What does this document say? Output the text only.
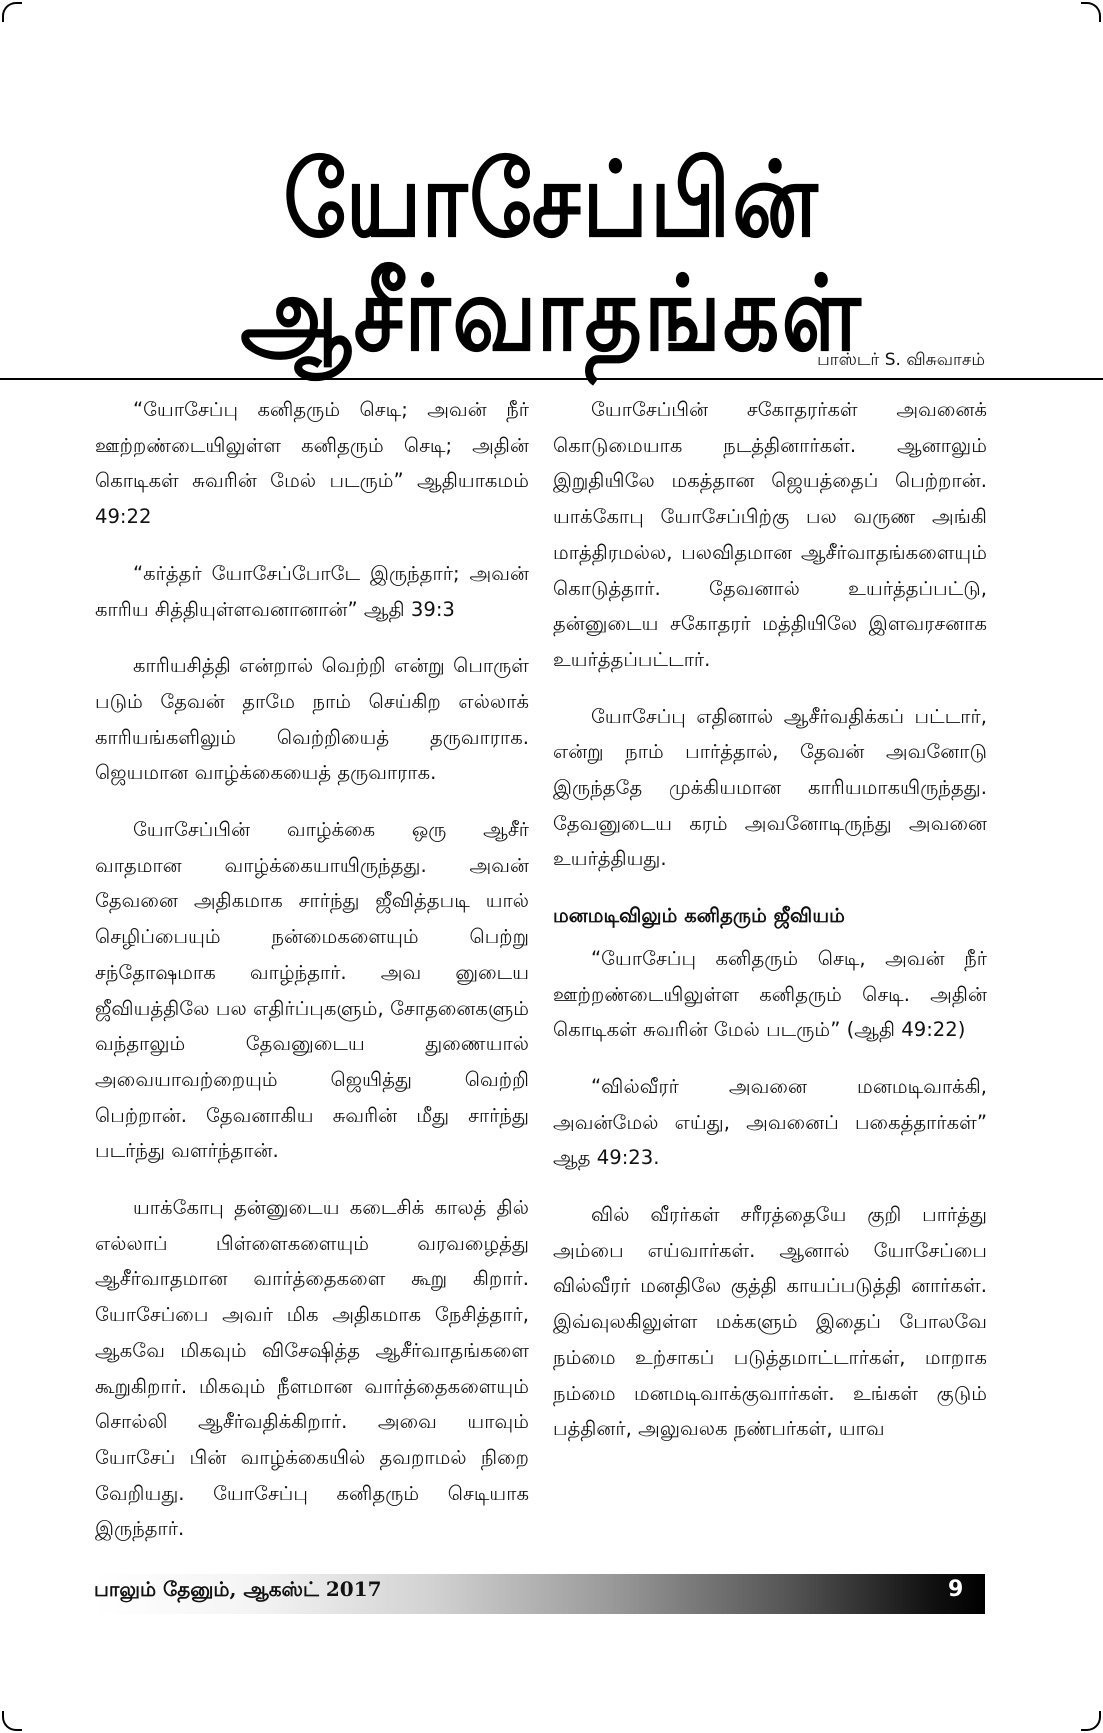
யோசேப்பின்
ஆசீர்வாதங்கள்
பாஸ்டர் S. விசுவாசம்

“யோசேப்பு கனிதரும் செடி; அவன் நீர் ஊற்றண்டையிலுள்ள கனிதரும் செடி; அதின் கொடிகள் சுவரின் மேல் படரும்” ஆதியாகமம் 49:22

“கர்த்தர் யோசேப்போடே இருந்தார்; அவன் காரிய சித்தியுள்ளவனானான்” ஆதி 39:3

காரியசித்தி என்றால் வெற்றி என்று பொருள் படும் தேவன் தாமே நாம் செய்கிற எல்லாக் காரியங்களிலும் வெற்றியைத் தருவாராக. ஜெயமான வாழ்க்கையைத் தருவாராக.

யோசேப்பின் வாழ்க்கை ஒரு ஆசீர் வாதமான வாழ்க்கையாயிருந்தது. அவன் தேவனை அதிகமாக சார்ந்து ஜீவித்தபடி யால் செழிப்பையும் நன்மைகளையும் பெற்று சந்தோஷமாக வாழ்ந்தார். அவ னுடைய ஜீவியத்திலே பல எதிர்ப்புகளும், சோதனைகளும் வந்தாலும் தேவனுடைய துணையால் அவையாவற்றையும் ஜெயித்து வெற்றி பெற்றான். தேவனாகிய சுவரின் மீது சார்ந்து படர்ந்து வளர்ந்தான்.

யாக்கோபு தன்னுடைய கடைசிக் காலத் தில் எல்லாப் பிள்ளைகளையும் வரவழைத்து ஆசீர்வாதமான வார்த்தைகளை கூறு கிறார். யோசேப்பை அவர் மிக அதிகமாக நேசித்தார், ஆகவே மிகவும் விசேஷித்த ஆசீர்வாதங்களை கூறுகிறார். மிகவும் நீளமான வார்த்தைகளையும் சொல்லி ஆசீர்வதிக்கிறார். அவை யாவும் யோசேப் பின் வாழ்க்கையில் தவறாமல் நிறை வேறியது. யோசேப்பு கனிதரும் செடியாக இருந்தார்.

யோசேப்பின் சகோதரர்கள் அவனைக் கொடுமையாக நடத்தினார்கள். ஆனாலும் இறுதியிலே மகத்தான ஜெயத்தைப் பெற்றான். யாக்கோபு யோசேப்பிற்கு பல வருண அங்கி மாத்திரமல்ல, பலவிதமான ஆசீர்வாதங்களையும் கொடுத்தார். தேவனால் உயர்த்தப்பட்டு, தன்னுடைய சகோதரர் மத்தியிலே இளவரசனாக உயர்த்தப்பட்டார்.

யோசேப்பு எதினால் ஆசீர்வதிக்கப் பட்டார், என்று நாம் பார்த்தால், தேவன் அவனோடு இருந்ததே முக்கியமான காரியமாகயிருந்தது. தேவனுடைய கரம் அவனோடிருந்து அவனை உயர்த்தியது.

மனமடிவிலும் கனிதரும் ஜீவியம்

“யோசேப்பு கனிதரும் செடி, அவன் நீர் ஊற்றண்டையிலுள்ள கனிதரும் செடி. அதின் கொடிகள் சுவரின் மேல் படரும்” (ஆதி 49:22)

“வில்வீரர் அவனை மனமடிவாக்கி, அவன்மேல் எய்து, அவனைப் பகைத்தார்கள்” ஆத 49:23.

வில் வீரர்கள் சரீரத்தையே குறி பார்த்து அம்பை எய்வார்கள். ஆனால் யோசேப்பை வில்வீரர் மனதிலே குத்தி காயப்படுத்தி னார்கள். இவ்வுலகிலுள்ள மக்களும் இதைப் போலவே நம்மை உற்சாகப் படுத்தமாட்டார்கள், மாறாக நம்மை மனமடிவாக்குவார்கள். உங்கள் குடும் பத்தினர், அலுவலக நண்பர்கள், யாவ

பாலும் தேனும், ஆகஸ்ட் 2017	9
